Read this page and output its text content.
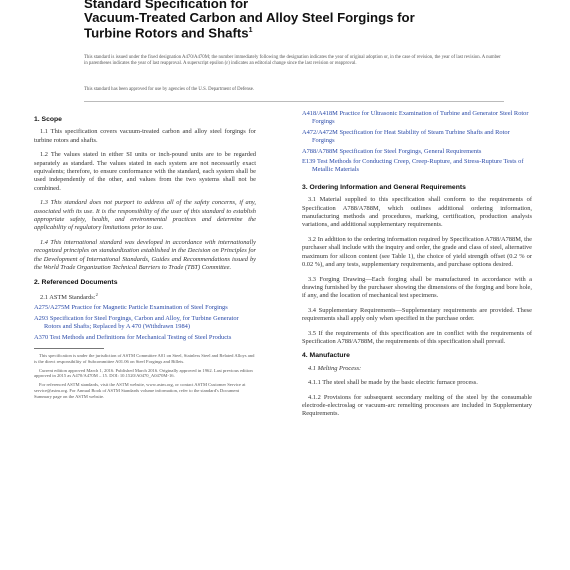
Standard Specification for
Vacuum-Treated Carbon and Alloy Steel Forgings for
Turbine Rotors and Shafts$^1$
This standard is issued under the fixed designation A470/A470M; the number immediately following the designation indicates the year of original adoption or, in the case of revision, the year of last revision. A number in parentheses indicates the year of last reapproval. A superscript epsilon (ε) indicates an editorial change since the last revision or reapproval.
This standard has been approved for use by agencies of the U.S. Department of Defense.
1. Scope
1.1 This specification covers vacuum-treated carbon and alloy steel forgings for turbine rotors and shafts.
1.2 The values stated in either SI units or inch-pound units are to be regarded separately as standard. The values stated in each system are not necessarily exact equivalents; therefore, to ensure conformance with the standard, each system shall be used independently of the other, and values from the two systems shall not be combined.
1.3 This standard does not purport to address all of the safety concerns, if any, associated with its use. It is the responsibility of the user of this standard to establish appropriate safety, health, and environmental practices and determine the applicability of regulatory limitations prior to use.
1.4 This international standard was developed in accordance with internationally recognized principles on standardization established in the Decision on Principles for the Development of International Standards, Guides and Recommendations issued by the World Trade Organization Technical Barriers to Trade (TBT) Committee.
2. Referenced Documents
2.1 ASTM Standards:$^2$
A275/A275M Practice for Magnetic Particle Examination of Steel Forgings
A293 Specification for Steel Forgings, Carbon and Alloy, for Turbine Generator Rotors and Shafts; Replaced by A 470 (Withdrawn 1984)
A370 Test Methods and Definitions for Mechanical Testing of Steel Products
This specification is under the jurisdiction of ASTM Committee A01 on Steel, Stainless Steel and Related Alloys and is the direct responsibility of Subcommittee A01.06 on Steel Forgings and Billets.
Current edition approved March 1, 2016. Published March 2016. Originally approved in 1962. Last previous edition approved in 2015 as A470/A470M – 15. DOI: 10.1520/A0470_A0470M-16.
For referenced ASTM standards, visit the ASTM website, www.astm.org, or contact ASTM Customer Service at service@astm.org. For Annual Book of ASTM Standards volume information, refer to the standard's Document Summary page on the ASTM website.
A418/A418M Practice for Ultrasonic Examination of Turbine and Generator Steel Rotor Forgings
A472/A472M Specification for Heat Stability of Steam Turbine Shafts and Rotor Forgings
A788/A788M Specification for Steel Forgings, General Requirements
E139 Test Methods for Conducting Creep, Creep-Rupture, and Stress-Rupture Tests of Metallic Materials
3. Ordering Information and General Requirements
3.1 Material supplied to this specification shall conform to the requirements of Specification A788/A788M, which outlines additional ordering information, manufacturing methods and procedures, marking, certification, production analysis variations, and additional supplementary requirements.
3.2 In addition to the ordering information required by Specification A788/A788M, the purchaser shall include with the inquiry and order, the grade and class of steel, alternative maximum for silicon content (see Table 1), the choice of yield strength offset (0.2 % or 0.02 %), and any tests, supplementary requirements, and purchase options desired.
3.3 Forging Drawing—Each forging shall be manufactured in accordance with a drawing furnished by the purchaser showing the dimensions of the forging and bore hole, if any, and the location of mechanical test specimens.
3.4 Supplementary Requirements—Supplementary requirements are provided. These requirements shall apply only when specified in the purchase order.
3.5 If the requirements of this specification are in conflict with the requirements of Specification A788/A788M, the requirements of this specification shall prevail.
4. Manufacture
4.1 Melting Process:
4.1.1 The steel shall be made by the basic electric furnace process.
4.1.2 Provisions for subsequent secondary melting of the steel by the consumable electrode-electroslag or vacuum-arc remelting processes are included in Supplementary Requirements.
